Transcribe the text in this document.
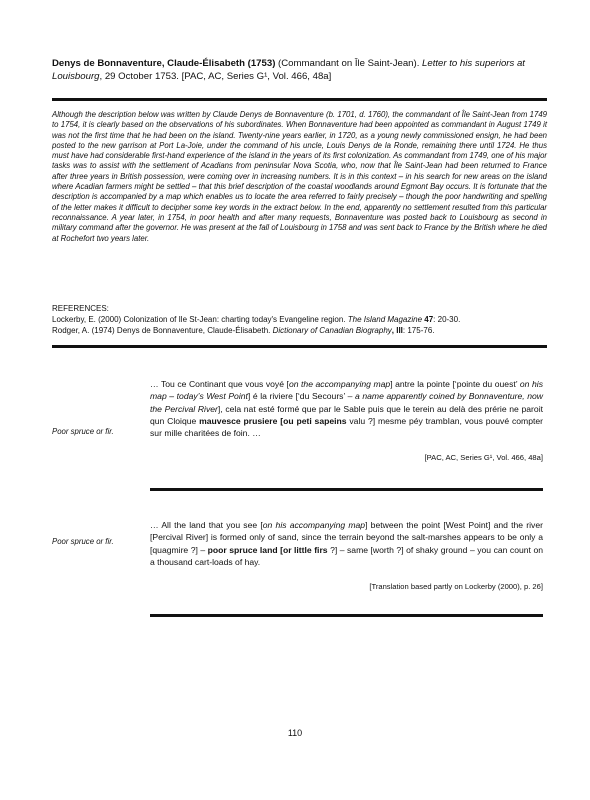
Denys de Bonnaventure, Claude-Élisabeth (1753) (Commandant on Île Saint-Jean). Letter to his superiors at Louisbourg, 29 October 1753. [PAC, AC, Series G¹, Vol. 466, 48a]
Although the description below was written by Claude Denys de Bonnaventure (b. 1701, d. 1760), the commandant of Île Saint-Jean from 1749 to 1754, it is clearly based on the observations of his subordinates. When Bonnaventure had been appointed as commandant in August 1749 it was not the first time that he had been on the island. Twenty-nine years earlier, in 1720, as a young newly commissioned ensign, he had been posted to the new garrison at Port La-Joie, under the command of his uncle, Louis Denys de la Ronde, remaining there until 1724. He thus must have had considerable first-hand experience of the island in the years of its first colonization. As commandant from 1749, one of his major tasks was to assist with the settlement of Acadians from peninsular Nova Scotia, who, now that Île Saint-Jean had been returned to France after three years in British possession, were coming over in increasing numbers. It is in this context – in his search for new areas on the island where Acadian farmers might be settled – that this brief description of the coastal woodlands around Egmont Bay occurs. It is fortunate that the description is accompanied by a map which enables us to locate the area referred to fairly precisely – though the poor handwriting and spelling of the letter makes it difficult to decipher some key words in the extract below. In the end, apparently no settlement resulted from this particular reconnaissance. A year later, in 1754, in poor health and after many requests, Bonnaventure was posted back to Louisbourg as second in military command after the governor. He was present at the fall of Louisbourg in 1758 and was sent back to France by the British where he died at Rochefort two years later.
REFERENCES:
Lockerby, E. (2000) Colonization of Ile St-Jean: charting today's Evangeline region. The Island Magazine 47: 20-30.
Rodger, A. (1974) Denys de Bonnaventure, Claude-Élisabeth. Dictionary of Canadian Biography, III: 175-76.
Poor spruce or fir.
… Tou ce Continant que vous voyé [on the accompanying map] antre la pointe [‘pointe du ouest’ on his map – today’s West Point] é la riviere [‘du Secours’ – a name apparently coined by Bonnaventure, now the Percival River], cela nat esté formé que par le Sable puis que le terein au delà des prérie ne paroit qun Cloique mauvesce prusiere [ou peti sapeins valu ?] mesme péy trambIan, vous pouvé compter sur mille charitées de foin. …
[PAC, AC, Series G¹, Vol. 466, 48a]
Poor spruce or fir.
… All the land that you see [on his accompanying map] between the point [West Point] and the river [Percival River] is formed only of sand, since the terrain beyond the salt-marshes appears to be only a [quagmire ?] – poor spruce land [or little firs ?] – same [worth ?] of shaky ground – you can count on a thousand cart-loads of hay.
[Translation based partly on Lockerby (2000), p. 26]
110
